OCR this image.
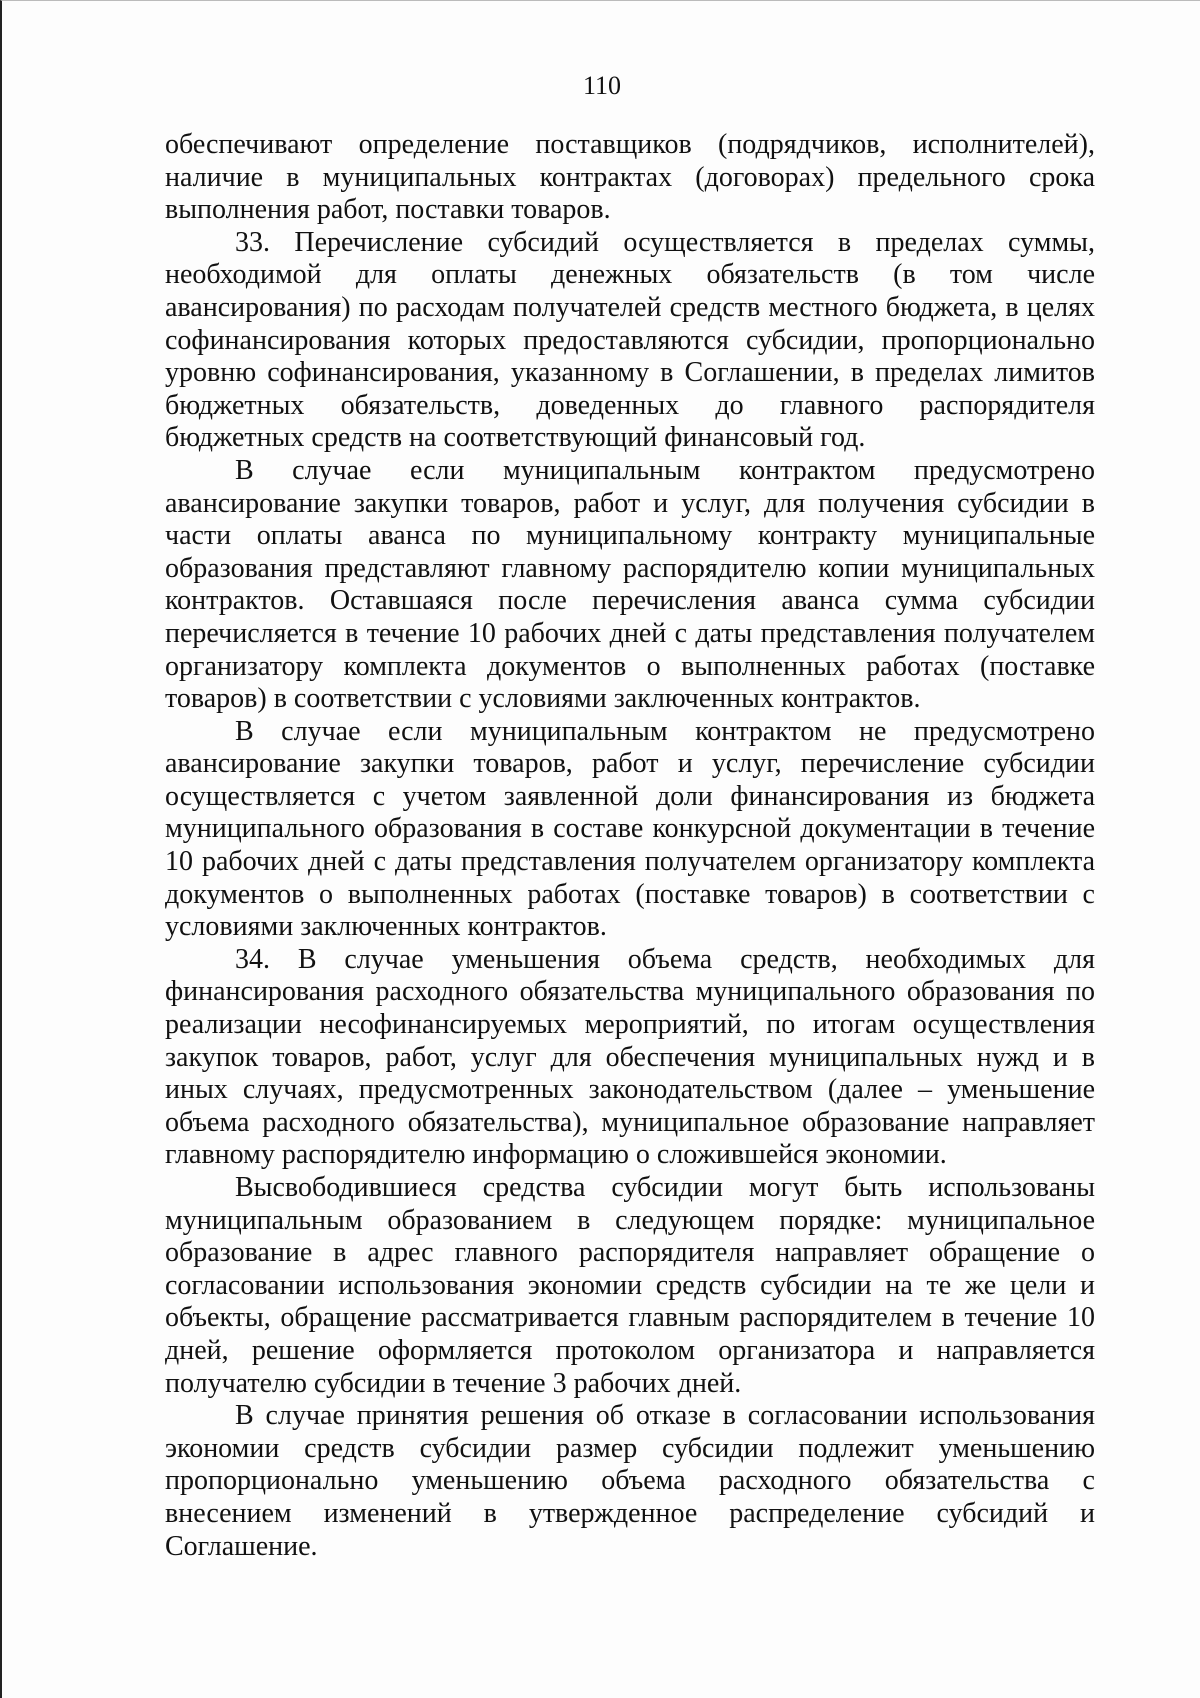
110

обеспечивают определение поставщиков (подрядчиков, исполнителей), наличие в муниципальных контрактах (договорах) предельного срока выполнения работ, поставки товаров.

33. Перечисление субсидий осуществляется в пределах суммы, необходимой для оплаты денежных обязательств (в том числе авансирования) по расходам получателей средств местного бюджета, в целях софинансирования которых предоставляются субсидии, пропорционально уровню софинансирования, указанному в Соглашении, в пределах лимитов бюджетных обязательств, доведенных до главного распорядителя бюджетных средств на соответствующий финансовый год.

В случае если муниципальным контрактом предусмотрено авансирование закупки товаров, работ и услуг, для получения субсидии в части оплаты аванса по муниципальному контракту муниципальные образования представляют главному распорядителю копии муниципальных контрактов. Оставшаяся после перечисления аванса сумма субсидии перечисляется в течение 10 рабочих дней с даты представления получателем организатору комплекта документов о выполненных работах (поставке товаров) в соответствии с условиями заключенных контрактов.

В случае если муниципальным контрактом не предусмотрено авансирование закупки товаров, работ и услуг, перечисление субсидии осуществляется с учетом заявленной доли финансирования из бюджета муниципального образования в составе конкурсной документации в течение 10 рабочих дней с даты представления получателем организатору комплекта документов о выполненных работах (поставке товаров) в соответствии с условиями заключенных контрактов.

34. В случае уменьшения объема средств, необходимых для финансирования расходного обязательства муниципального образования по реализации несофинансируемых мероприятий, по итогам осуществления закупок товаров, работ, услуг для обеспечения муниципальных нужд и в иных случаях, предусмотренных законодательством (далее – уменьшение объема расходного обязательства), муниципальное образование направляет главному распорядителю информацию о сложившейся экономии.

Высвободившиеся средства субсидии могут быть использованы муниципальным образованием в следующем порядке: муниципальное образование в адрес главного распорядителя направляет обращение о согласовании использования экономии средств субсидии на те же цели и объекты, обращение рассматривается главным распорядителем в течение 10 дней, решение оформляется протоколом организатора и направляется получателю субсидии в течение 3 рабочих дней.

В случае принятия решения об отказе в согласовании использования экономии средств субсидии размер субсидии подлежит уменьшению пропорционально уменьшению объема расходного обязательства с внесением изменений в утвержденное распределение субсидий и Соглашение.
